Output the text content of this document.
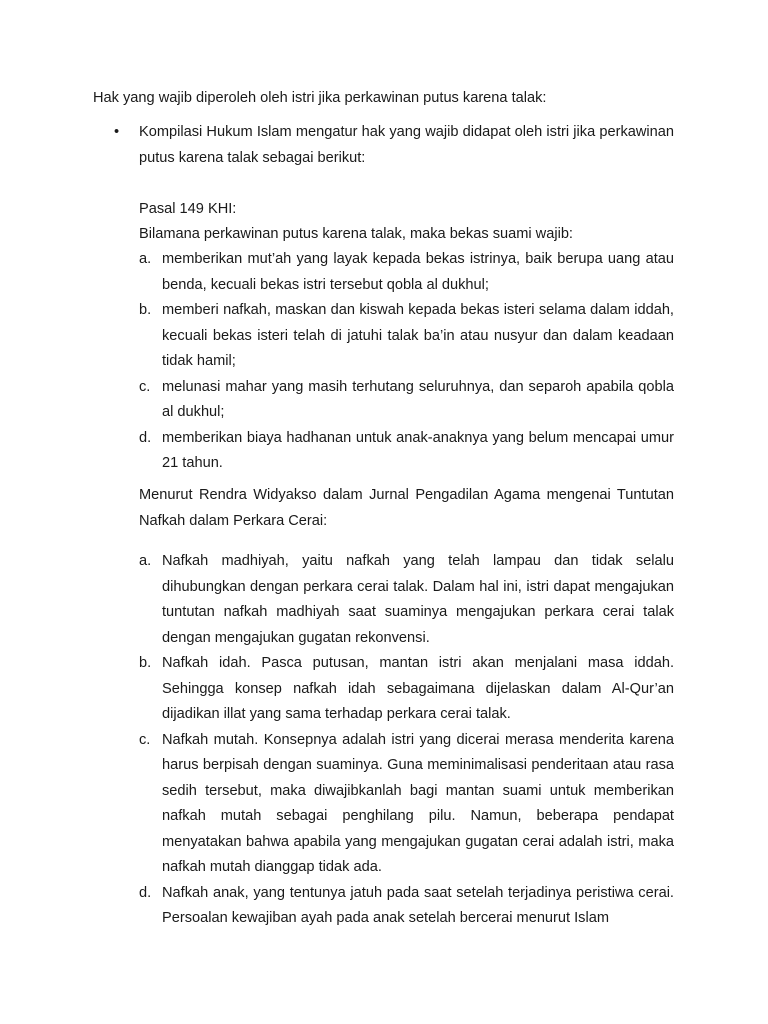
Hak yang wajib diperoleh oleh istri jika perkawinan putus karena talak:

•	Kompilasi Hukum Islam mengatur hak yang wajib didapat oleh istri jika perkawinan putus karena talak sebagai berikut:

Pasal 149 KHI:

Bilamana perkawinan putus karena talak, maka bekas suami wajib:

a. memberikan mut’ah yang layak kepada bekas istrinya, baik berupa uang atau benda, kecuali bekas istri tersebut qobla al dukhul;
b. memberi nafkah, maskan dan kiswah kepada bekas isteri selama dalam iddah, kecuali bekas isteri telah di jatuhi talak ba’in atau nusyur dan dalam keadaan tidak hamil;
c. melunasi mahar yang masih terhutang seluruhnya, dan separoh apabila qobla al dukhul;
d. memberikan biaya hadhanan untuk anak-anaknya yang belum mencapai umur 21 tahun.

Menurut Rendra Widyakso dalam Jurnal Pengadilan Agama mengenai Tuntutan Nafkah dalam Perkara Cerai:

a. Nafkah madhiyah, yaitu nafkah yang telah lampau dan tidak selalu dihubungkan dengan perkara cerai talak. Dalam hal ini, istri dapat mengajukan tuntutan nafkah madhiyah saat suaminya mengajukan perkara cerai talak dengan mengajukan gugatan rekonvensi.
b. Nafkah idah. Pasca putusan, mantan istri akan menjalani masa iddah. Sehingga konsep nafkah idah sebagaimana dijelaskan dalam Al-Qur’an dijadikan illat yang sama terhadap perkara cerai talak.
c. Nafkah mutah. Konsepnya adalah istri yang dicerai merasa menderita karena harus berpisah dengan suaminya. Guna meminimalisasi penderitaan atau rasa sedih tersebut, maka diwajibkanlah bagi mantan suami untuk memberikan nafkah mutah sebagai penghilang pilu. Namun, beberapa pendapat menyatakan bahwa apabila yang mengajukan gugatan cerai adalah istri, maka nafkah mutah dianggap tidak ada.
d. Nafkah anak, yang tentunya jatuh pada saat setelah terjadinya peristiwa cerai. Persoalan kewajiban ayah pada anak setelah bercerai menurut Islam
